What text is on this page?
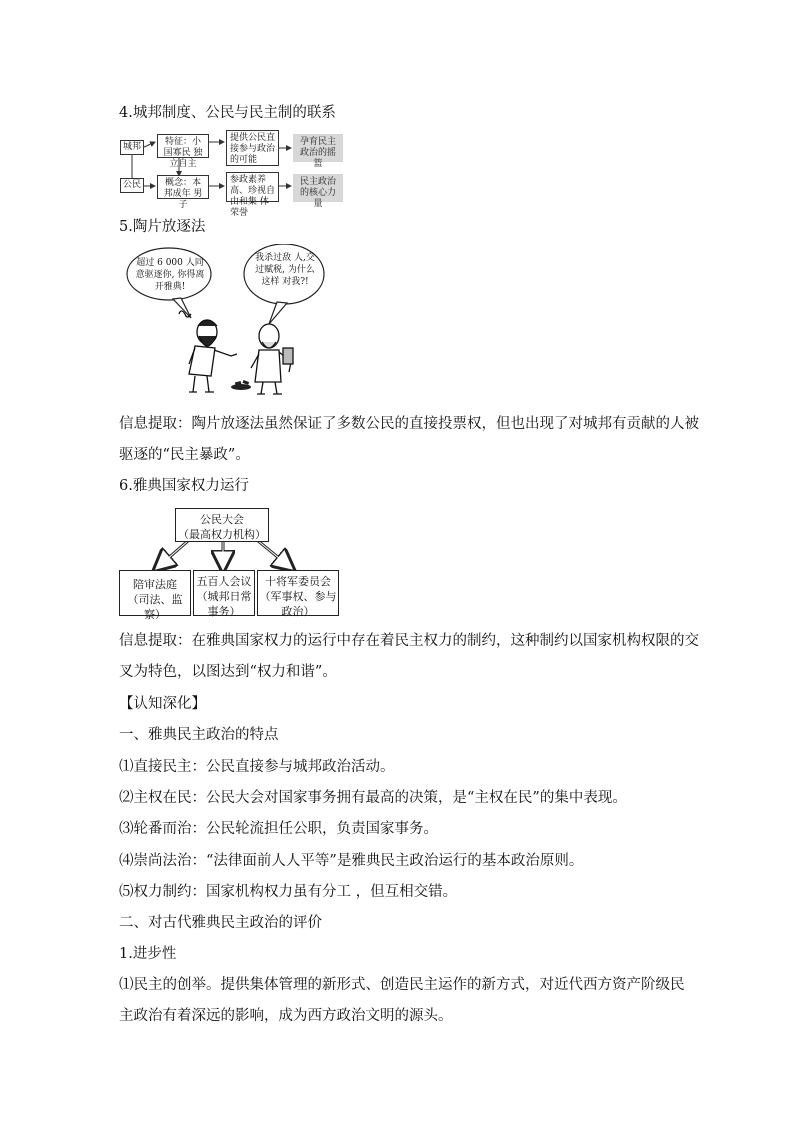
4.城邦制度、公民与民主制的联系
城邦
公民
特征：小国寡民 独立自主
概念：本邦成年 男子
提供公民直 接参与政治 的可能
参政素养高、珍视自由和集 体荣誉
孕育民主 政治的摇篮
民主政治 的核心力量
5.陶片放逐法
超过 6 000 人同意驱逐你, 你得离开雅典!
我杀过敌 人,交过赋税, 为什么这样 对我?!
信息提取：陶片放逐法虽然保证了多数公民的直接投票权，但也出现了对城邦有贡献的人被
驱逐的“民主暴政”。
6.雅典国家权力运行
公民大会
（最高权力机构）
陪审法庭
（司法、监察）
五百人会议
（城邦日常
事务）
十将军委员会
（军事权、参与
政治）
信息提取：在雅典国家权力的运行中存在着民主权力的制约，这种制约以国家机构权限的交
叉为特色，以图达到“权力和谐”。
【认知深化】
一、雅典民主政治的特点
⑴直接民主：公民直接参与城邦政治活动。
⑵主权在民：公民大会对国家事务拥有最高的决策，是“主权在民”的集中表现。
⑶轮番而治：公民轮流担任公职，负责国家事务。
⑷崇尚法治：“法律面前人人平等”是雅典民主政治运行的基本政治原则。
⑸权力制约：国家机构权力虽有分工 ，但互相交错。
二、对古代雅典民主政治的评价
1.进步性
⑴民主的创举。提供集体管理的新形式、创造民主运作的新方式，对近代西方资产阶级民
主政治有着深远的影响，成为西方政治文明的源头。
